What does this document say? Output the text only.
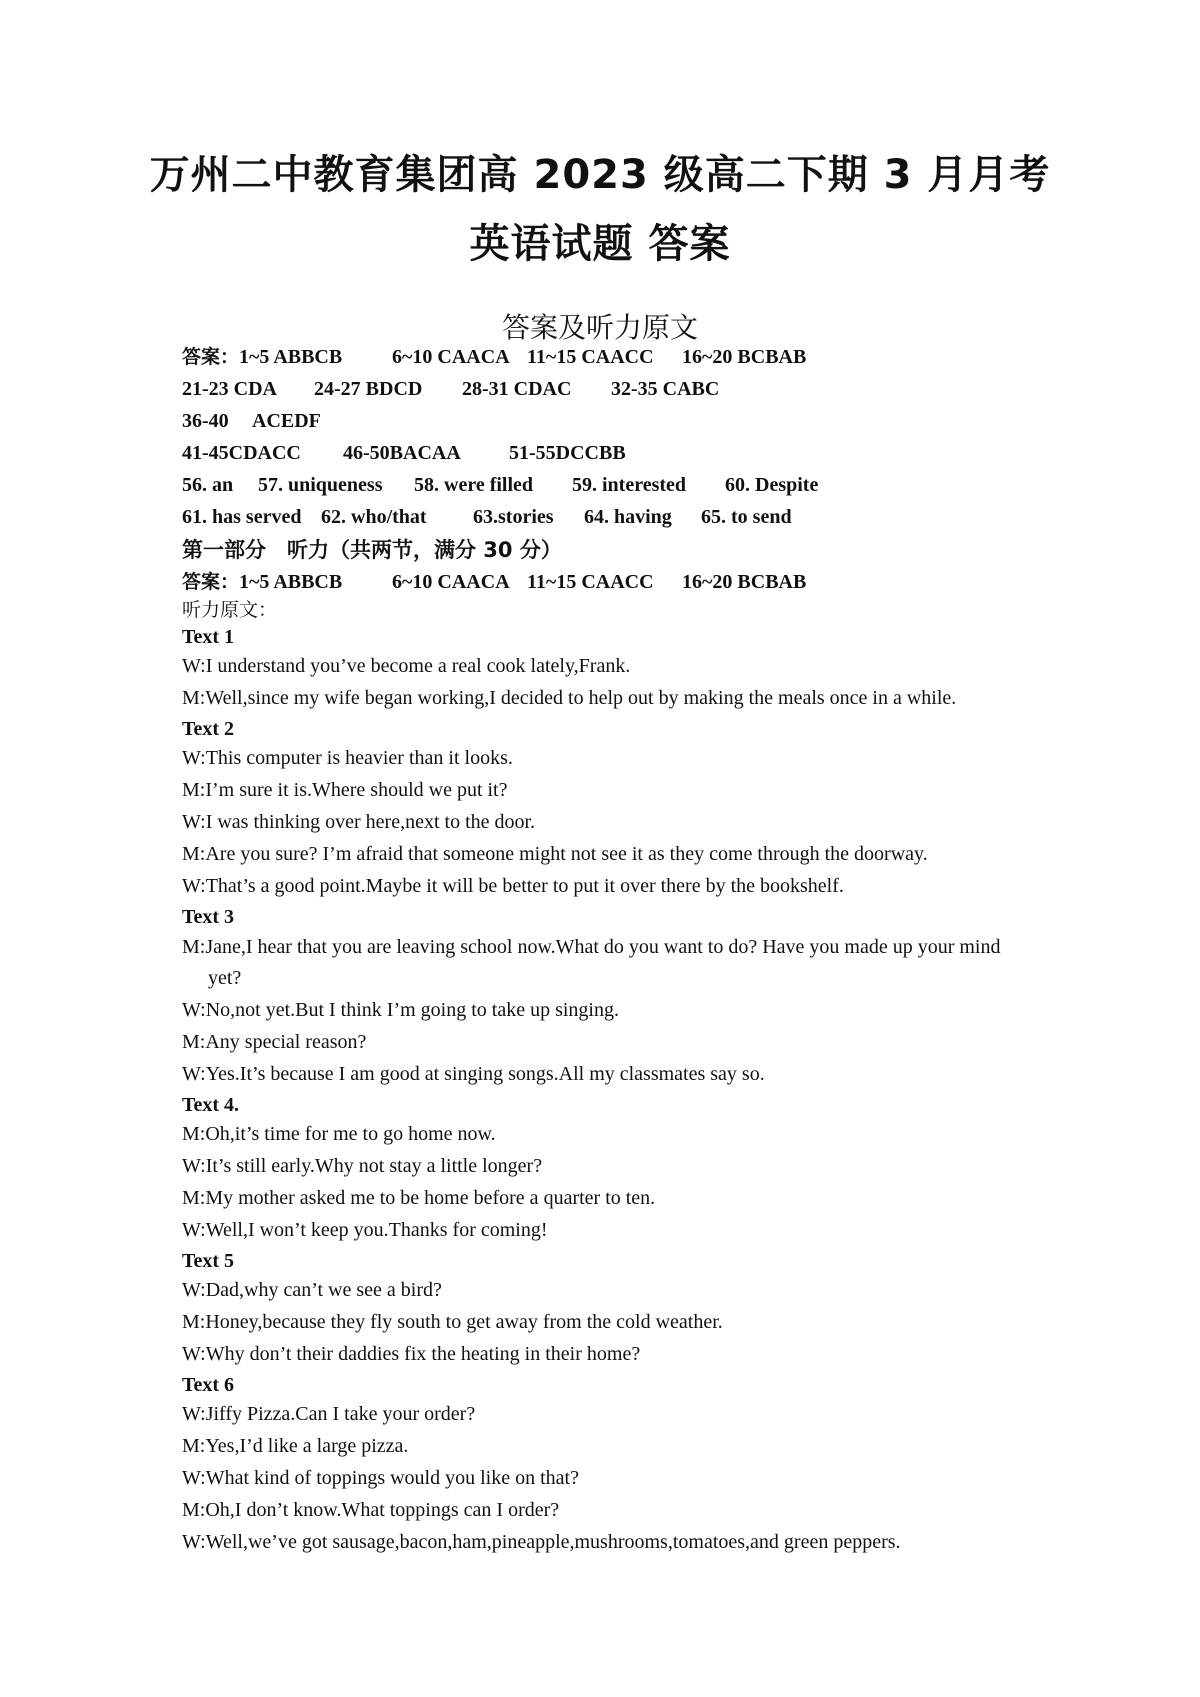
万州二中教育集团高 2023 级高二下期 3 月月考
英语试题 答案
答案及听力原文
答案：1~5 ABBCB 6~10 CAACA 11~15 CAACC 16~20 BCBAB
21-23 CDA 24-27 BDCD 28-31 CDAC 32-35 CABC
36-40 ACEDF
41-45CDACC 46-50BACAA 51-55DCCBB
56. an 57. uniqueness 58. were filled 59. interested 60. Despite
61. has served 62. who/that 63.stories 64. having 65. to send
第一部分　听力（共两节，满分 30 分）
答案：1~5 ABBCB 6~10 CAACA 11~15 CAACC 16~20 BCBAB
听力原文：
Text 1
W:I understand you’ve become a real cook lately,Frank.
M:Well,since my wife began working,I decided to help out by making the meals once in a while.
Text 2
W:This computer is heavier than it looks.
M:I’m sure it is.Where should we put it?
W:I was thinking over here,next to the door.
M:Are you sure? I’m afraid that someone might not see it as they come through the doorway.
W:That’s a good point.Maybe it will be better to put it over there by the bookshelf.
Text 3
M:Jane,I hear that you are leaving school now.What do you want to do? Have you made up your mind yet?
W:No,not yet.But I think I’m going to take up singing.
M:Any special reason?
W:Yes.It’s because I am good at singing songs.All my classmates say so.
Text 4.
M:Oh,it’s time for me to go home now.
W:It’s still early.Why not stay a little longer?
M:My mother asked me to be home before a quarter to ten.
W:Well,I won’t keep you.Thanks for coming!
Text 5
W:Dad,why can’t we see a bird?
M:Honey,because they fly south to get away from the cold weather.
W:Why don’t their daddies fix the heating in their home?
Text 6
W:Jiffy Pizza.Can I take your order?
M:Yes,I’d like a large pizza.
W:What kind of toppings would you like on that?
M:Oh,I don’t know.What toppings can I order?
W:Well,we’ve got sausage,bacon,ham,pineapple,mushrooms,tomatoes,and green peppers.
